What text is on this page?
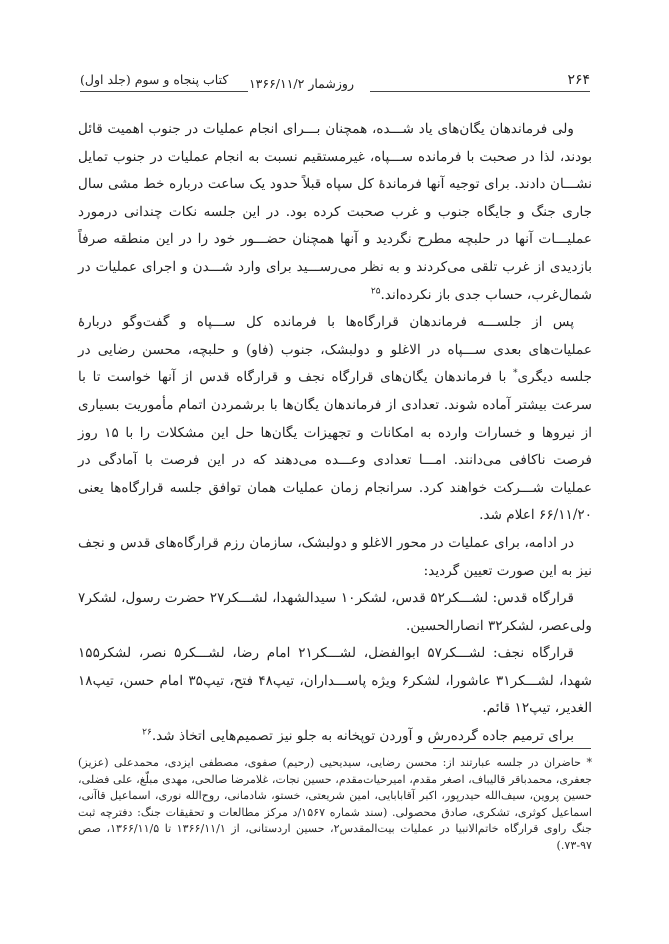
۲۶۴
روزشمار ۱۳۶۶/۱۱/۲
کتاب پنجاه و سوم (جلد اول)

ولی فرماندهان یگان‌های یاد شـــده، همچنان بـــرای انجام عملیات در جنوب اهمیت قائل بودند، لذا در صحبت با فرمانده ســـپاه، غیرمستقیم نسبت به انجام عملیات در جنوب تمایل نشـــان دادند. برای توجیه آنها فرماندهٔ کل سپاه قبلاً حدود یک ساعت درباره خط مشی سال جاری جنگ و جایگاه جنوب و غرب صحبت کرده بود. در این جلسه نکات چندانی درمورد عملیـــات آنها در حلبچه مطرح نگردید و آنها همچنان حضـــور خود را در این منطقه صرفاً بازدیدی از غرب تلقی می‌کردند و به نظر می‌رســـید برای وارد شـــدن و اجرای عملیات در شمال‌غرب، حساب جدی باز نکرده‌اند.$^{۲۵}$

پس از جلســـه فرماندهان قرارگاه‌ها با فرمانده کل ســـپاه و گفت‌وگو دربارهٔ عملیات‌های بعدی ســـپاه در الاغلو و دولبشک، جنوب (فاو) و حلبچه، محسن رضایی در جلسه دیگری* با فرماندهان یگان‌های قرارگاه نجف و قرارگاه قدس از آنها خواست تا با سرعت بیشتر آماده شوند. تعدادی از فرماندهان یگان‌ها با برشمردن اتمام مأموریت بسیاری از نیروها و خسارات وارده به امکانات و تجهیزات یگان‌ها حل این مشکلات را با ۱۵ روز فرصت ناکافی می‌دانند. امـــا تعدادی وعـــده می‌دهند که در این فرصت با آمادگی در عملیات شـــرکت خواهند کرد. سرانجام زمان عملیات همان توافق جلسه قرارگاه‌ها یعنی ۶۶/۱۱/۲۰ اعلام شد.

در ادامه، برای عملیات در محور الاغلو و دولبشک، سازمان رزم قرارگاه‌های قدس و نجف نیز به این صورت تعیین گردید:

قرارگاه قدس: لشـــکر۵۲ قدس، لشکر۱۰ سیدالشهدا، لشـــکر۲۷ حضرت رسول، لشکر۷ ولی‌عصر، لشکر۳۲ انصارالحسین.

قرارگاه نجف: لشـــکر۵۷ ابوالفضل، لشـــکر۲۱ امام رضا، لشـــکر۵ نصر، لشکر۱۵۵ شهدا، لشـــکر۳۱ عاشورا، لشکر۶ ویژه پاســـداران، تیپ۴۸ فتح، تیپ۳۵ امام حسن، تیپ۱۸ الغدیر، تیپ۱۲ قائم.

برای ترمیم جاده گرده‌رش و آوردن توپخانه به جلو نیز تصمیم‌هایی اتخاذ شد.$^{۲۶}$

* حاضران در جلسه عبارتند از: محسن رضایی، سیدیحیی (رحیم) صفوی، مصطفی ایزدی، محمدعلی (عزیز) جعفری، محمدباقر قالیباف، اصغر مقدم، امیرحیات‌مقدم، حسین نجات، غلامرضا صالحی، مهدی مبلّغ، علی فضلی، حسین پروین، سیف‌الله حیدرپور، اکبر آقابابایی، امین شریعتی، خستو، شادمانی، روح‌الله نوری، اسماعیل قاآنی، اسماعیل کوثری، تشکری، صادق محصولی. (سند شماره ۱۵۶۷/د مرکز مطالعات و تحقیقات جنگ: دفترچه ثبت جنگ راوی قرارگاه خاتم‌الانبیا در عملیات بیت‌المقدس۲، حسین اردستانی، از ۱۳۶۶/۱۱/۱ تا ۱۳۶۶/۱۱/۵، صص ۹۷-۷۳.)
